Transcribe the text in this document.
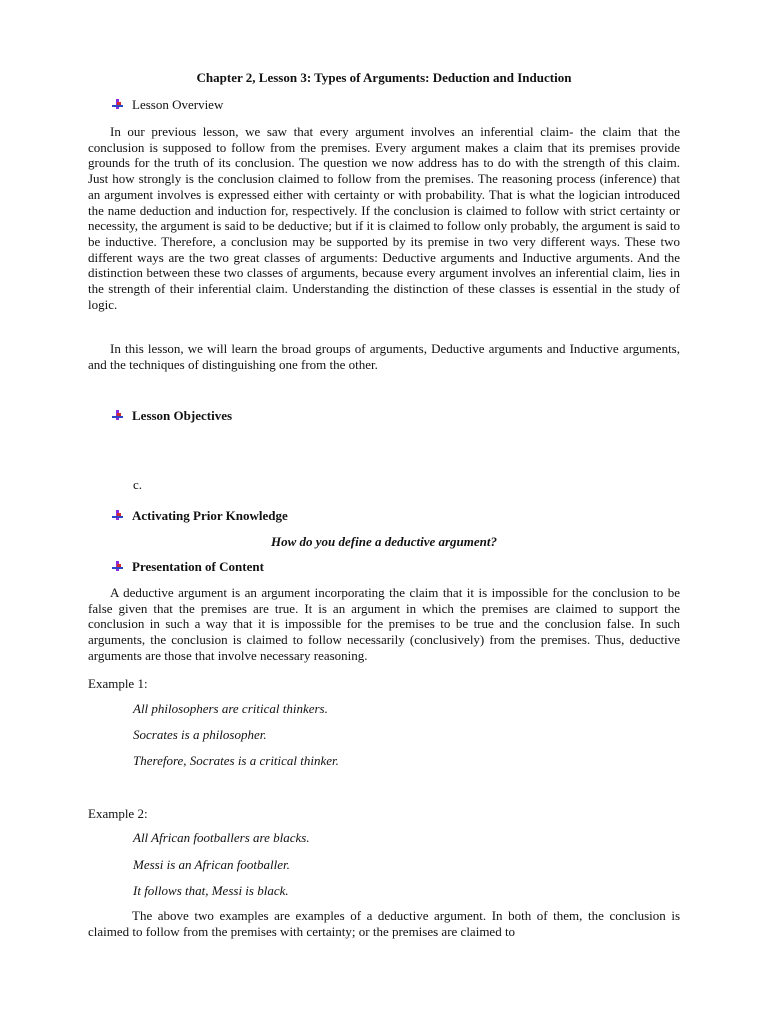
Chapter 2, Lesson 3: Types of Arguments: Deduction and Induction
Lesson Overview
In our previous lesson, we saw that every argument involves an inferential claim- the claim that the conclusion is supposed to follow from the premises. Every argument makes a claim that its premises provide grounds for the truth of its conclusion. The question we now address has to do with the strength of this claim. Just how strongly is the conclusion claimed to follow from the premises. The reasoning process (inference) that an argument involves is expressed either with certainty or with probability. That is what the logician introduced the name deduction and induction for, respectively. If the conclusion is claimed to follow with strict certainty or necessity, the argument is said to be deductive; but if it is claimed to follow only probably, the argument is said to be inductive. Therefore, a conclusion may be supported by its premise in two very different ways. These two different ways are the two great classes of arguments: Deductive arguments and Inductive arguments. And the distinction between these two classes of arguments, because every argument involves an inferential claim, lies in the strength of their inferential claim. Understanding the distinction of these classes is essential in the study of logic.
In this lesson, we will learn the broad groups of arguments, Deductive arguments and Inductive arguments, and the techniques of distinguishing one from the other.
Lesson Objectives
c.
Activating Prior Knowledge
How do you define a deductive argument?
Presentation of Content
A deductive argument is an argument incorporating the claim that it is impossible for the conclusion to be false given that the premises are true. It is an argument in which the premises are claimed to support the conclusion in such a way that it is impossible for the premises to be true and the conclusion false. In such arguments, the conclusion is claimed to follow necessarily (conclusively) from the premises. Thus, deductive arguments are those that involve necessary reasoning.
Example 1:
All philosophers are critical thinkers.
Socrates is a philosopher.
Therefore, Socrates is a critical thinker.
Example 2:
All African footballers are blacks.
Messi is an African footballer.
It follows that, Messi is black.
The above two examples are examples of a deductive argument. In both of them, the conclusion is claimed to follow from the premises with certainty; or the premises are claimed to
